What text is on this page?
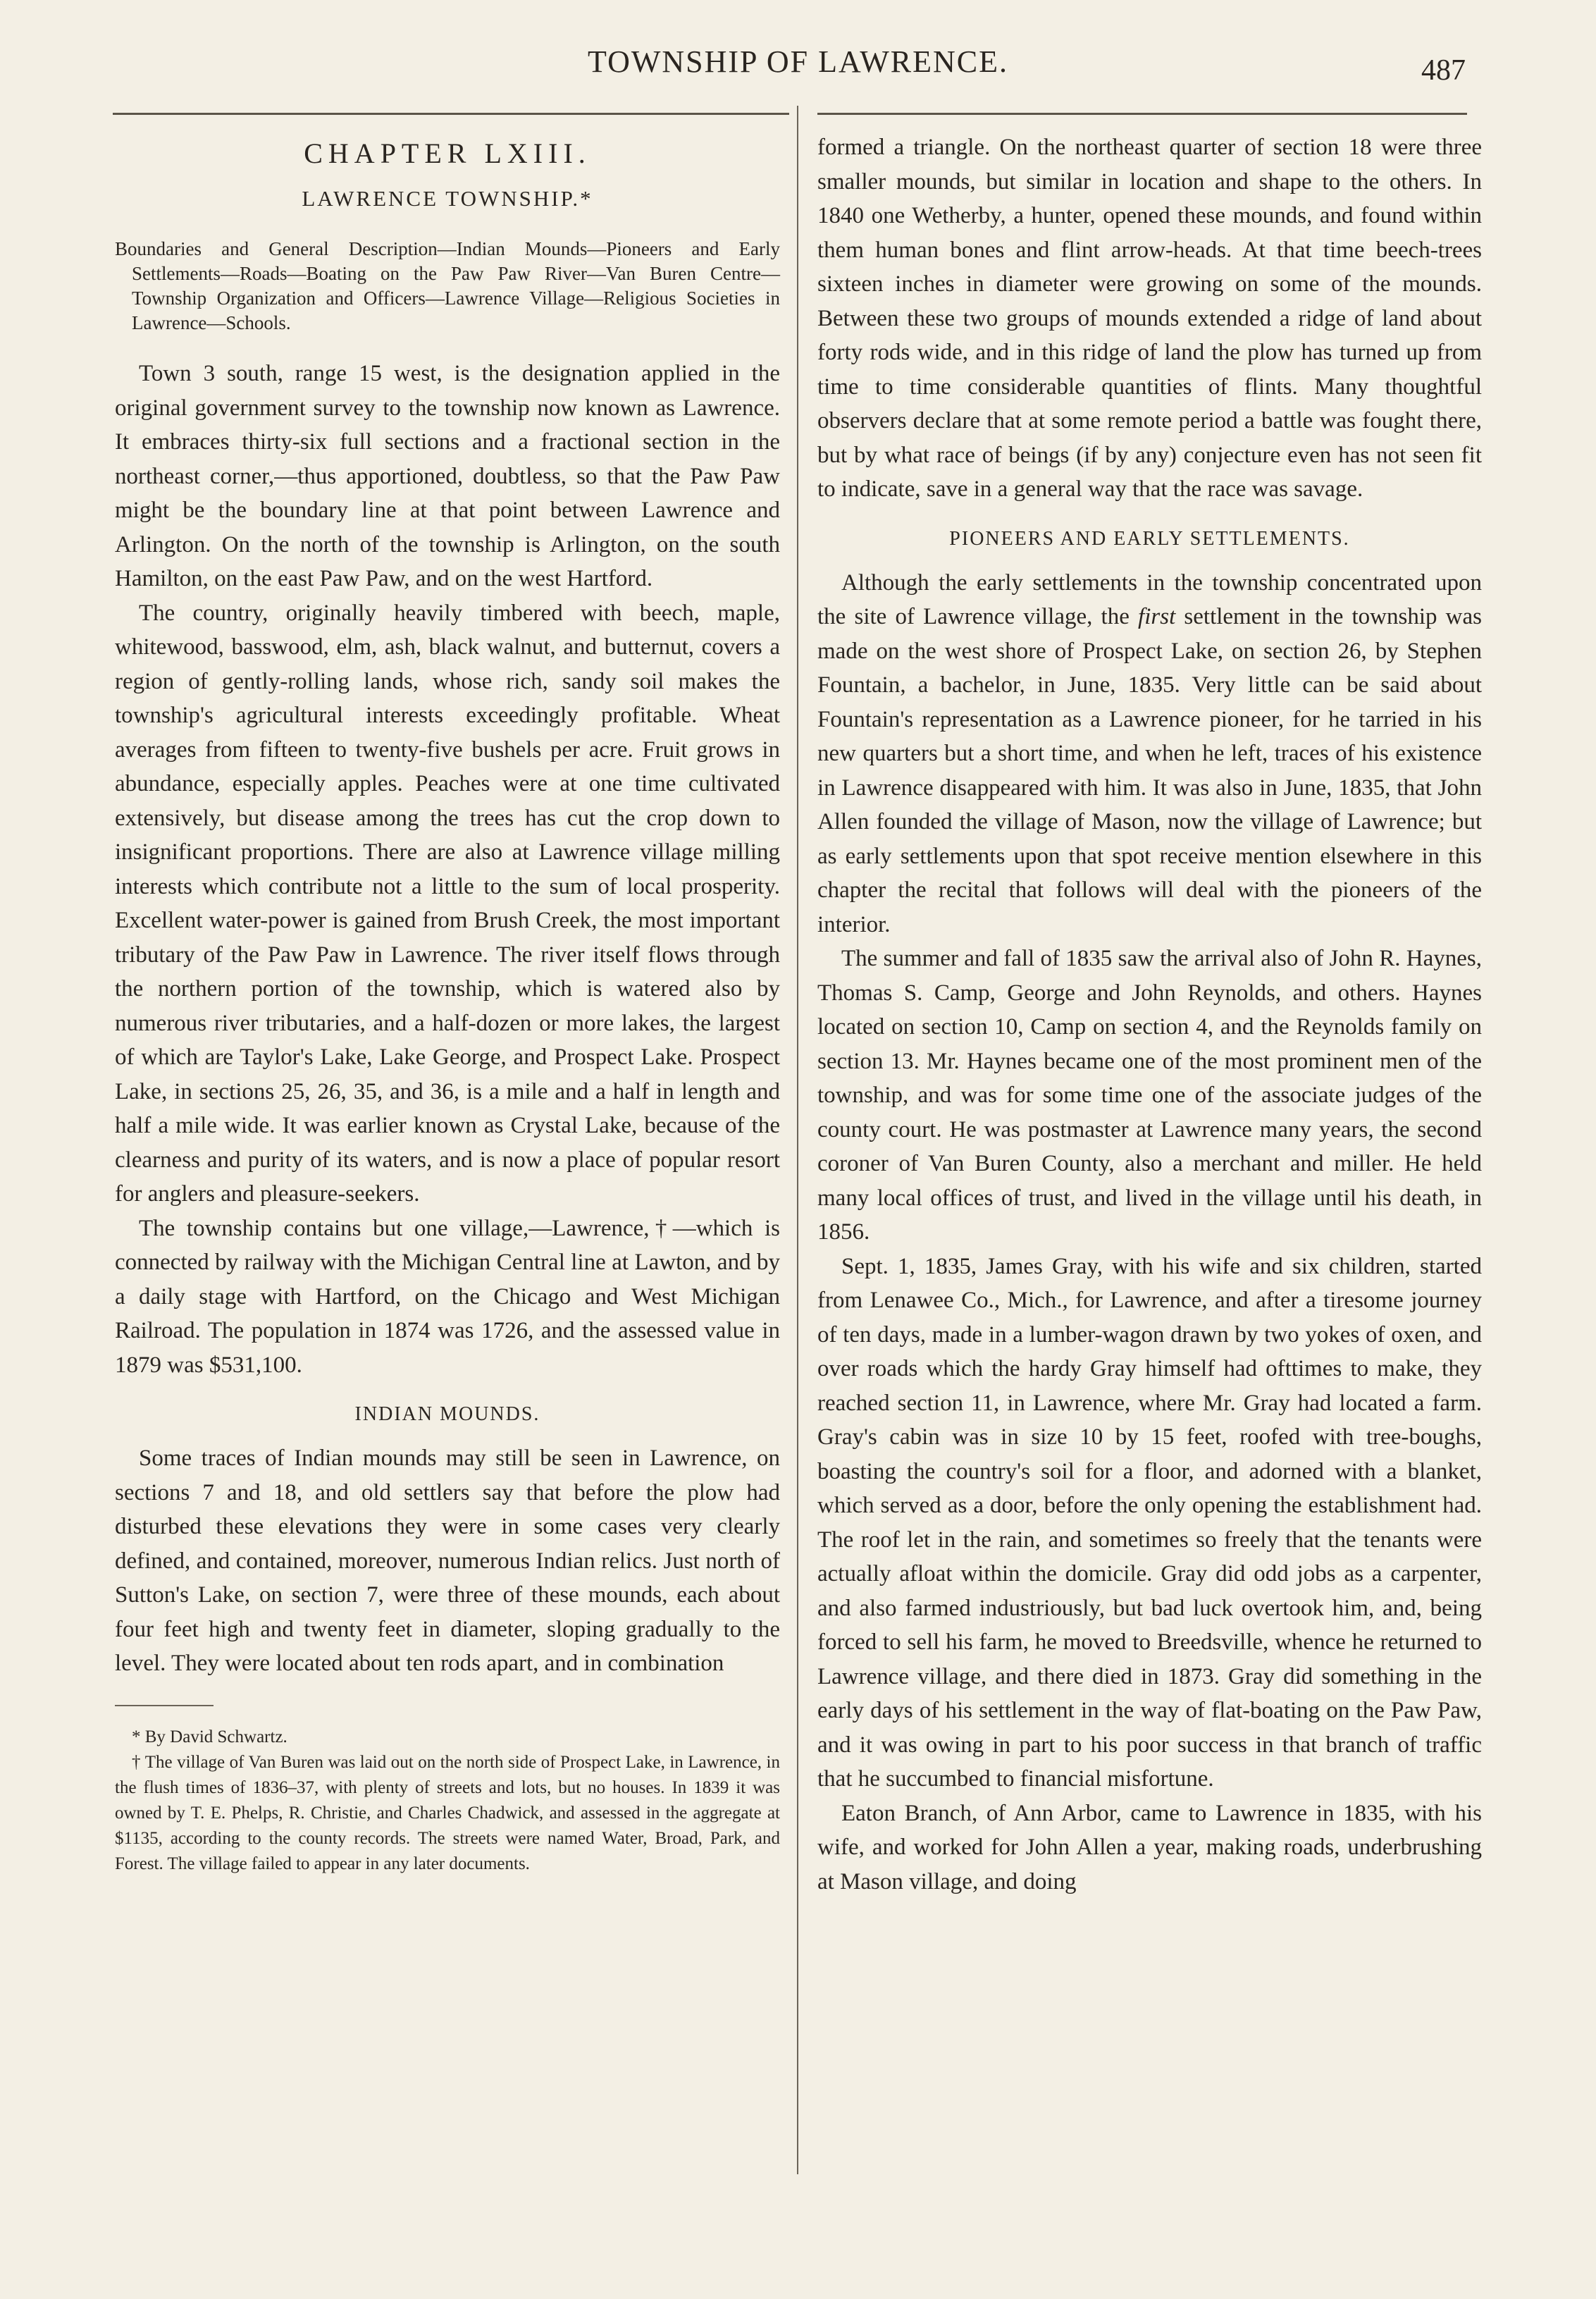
TOWNSHIP OF LAWRENCE.	487
CHAPTER LXIII.
LAWRENCE TOWNSHIP.*
Boundaries and General Description—Indian Mounds—Pioneers and Early Settlements—Roads—Boating on the Paw Paw River—Van Buren Centre—Township Organization and Officers—Lawrence Village—Religious Societies in Lawrence—Schools.

Town 3 south, range 15 west, is the designation applied in the original government survey to the township now known as Lawrence. It embraces thirty-six full sections and a fractional section in the northeast corner,—thus apportioned, doubtless, so that the Paw Paw might be the boundary line at that point between Lawrence and Arlington. On the north of the township is Arlington, on the south Hamilton, on the east Paw Paw, and on the west Hartford.

The country, originally heavily timbered with beech, maple, whitewood, basswood, elm, ash, black walnut, and butternut, covers a region of gently-rolling lands, whose rich, sandy soil makes the township's agricultural interests exceedingly profitable. Wheat averages from fifteen to twenty-five bushels per acre. Fruit grows in abundance, especially apples. Peaches were at one time cultivated extensively, but disease among the trees has cut the crop down to insignificant proportions. There are also at Lawrence village milling interests which contribute not a little to the sum of local prosperity. Excellent water-power is gained from Brush Creek, the most important tributary of the Paw Paw in Lawrence. The river itself flows through the northern portion of the township, which is watered also by numerous river tributaries, and a half-dozen or more lakes, the largest of which are Taylor's Lake, Lake George, and Prospect Lake. Prospect Lake, in sections 25, 26, 35, and 36, is a mile and a half in length and half a mile wide. It was earlier known as Crystal Lake, because of the clearness and purity of its waters, and is now a place of popular resort for anglers and pleasure-seekers.

The township contains but one village,—Lawrence,†—which is connected by railway with the Michigan Central line at Lawton, and by a daily stage with Hartford, on the Chicago and West Michigan Railroad. The population in 1874 was 1726, and the assessed value in 1879 was $531,100.

INDIAN MOUNDS.

Some traces of Indian mounds may still be seen in Lawrence, on sections 7 and 18, and old settlers say that before the plow had disturbed these elevations they were in some cases very clearly defined, and contained, moreover, numerous Indian relics. Just north of Sutton's Lake, on section 7, were three of these mounds, each about four feet high and twenty feet in diameter, sloping gradually to the level. They were located about ten rods apart, and in combination

* By David Schwartz.

† The village of Van Buren was laid out on the north side of Prospect Lake, in Lawrence, in the flush times of 1836–37, with plenty of streets and lots, but no houses. In 1839 it was owned by T. E. Phelps, R. Christie, and Charles Chadwick, and assessed in the aggregate at $1135, according to the county records. The streets were named Water, Broad, Park, and Forest. The village failed to appear in any later documents.

formed a triangle. On the northeast quarter of section 18 were three smaller mounds, but similar in location and shape to the others. In 1840 one Wetherby, a hunter, opened these mounds, and found within them human bones and flint arrow-heads. At that time beech-trees sixteen inches in diameter were growing on some of the mounds. Between these two groups of mounds extended a ridge of land about forty rods wide, and in this ridge of land the plow has turned up from time to time considerable quantities of flints. Many thoughtful observers declare that at some remote period a battle was fought there, but by what race of beings (if by any) conjecture even has not seen fit to indicate, save in a general way that the race was savage.

PIONEERS AND EARLY SETTLEMENTS.

Although the early settlements in the township concentrated upon the site of Lawrence village, the first settlement in the township was made on the west shore of Prospect Lake, on section 26, by Stephen Fountain, a bachelor, in June, 1835. Very little can be said about Fountain's representation as a Lawrence pioneer, for he tarried in his new quarters but a short time, and when he left, traces of his existence in Lawrence disappeared with him. It was also in June, 1835, that John Allen founded the village of Mason, now the village of Lawrence; but as early settlements upon that spot receive mention elsewhere in this chapter the recital that follows will deal with the pioneers of the interior.

The summer and fall of 1835 saw the arrival also of John R. Haynes, Thomas S. Camp, George and John Reynolds, and others. Haynes located on section 10, Camp on section 4, and the Reynolds family on section 13. Mr. Haynes became one of the most prominent men of the township, and was for some time one of the associate judges of the county court. He was postmaster at Lawrence many years, the second coroner of Van Buren County, also a merchant and miller. He held many local offices of trust, and lived in the village until his death, in 1856.

Sept. 1, 1835, James Gray, with his wife and six children, started from Lenawee Co., Mich., for Lawrence, and after a tiresome journey of ten days, made in a lumber-wagon drawn by two yokes of oxen, and over roads which the hardy Gray himself had ofttimes to make, they reached section 11, in Lawrence, where Mr. Gray had located a farm. Gray's cabin was in size 10 by 15 feet, roofed with tree-boughs, boasting the country's soil for a floor, and adorned with a blanket, which served as a door, before the only opening the establishment had. The roof let in the rain, and sometimes so freely that the tenants were actually afloat within the domicile. Gray did odd jobs as a carpenter, and also farmed industriously, but bad luck overtook him, and, being forced to sell his farm, he moved to Breedsville, whence he returned to Lawrence village, and there died in 1873. Gray did something in the early days of his settlement in the way of flat-boating on the Paw Paw, and it was owing in part to his poor success in that branch of traffic that he succumbed to financial misfortune.

Eaton Branch, of Ann Arbor, came to Lawrence in 1835, with his wife, and worked for John Allen a year, making roads, underbrushing at Mason village, and doing
